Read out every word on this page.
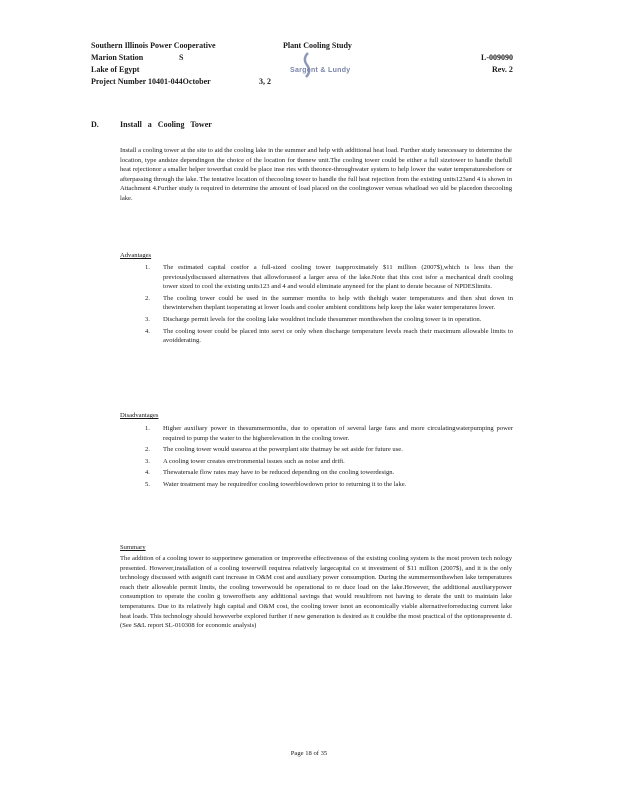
Southern Illinois Power Cooperative	Plant Cooling Study
Marion Station	S	L-009090
Lake of Egypt	Rev. 2
Project Number 10401-044October	3, 2
Sargent & Lundy
D.	Install a Cooling Tower
Install a cooling tower at the site to aid the cooling lake in the summer and help with additional heat load. Further study isnecessary to determine the location, type andsize dependingon the choice of the location for thenew unit.The cooling tower could be either a full sizetower to handle thefull heat rejectionor a smaller helper towerthat could be place inse ries with theonce-throughwater system to help lower the water temperaturesbefore or afterpassing through the lake. The tentative location of thecooling tower to handle the full heat rejection from the existing units123and 4 is shown in Attachment 4.Further study is required to determine the amount of load placed on the coolingtower versus whatload wo uld be placedon thecooling lake.
Advantages
1. The estimated capital costfor a full-sized cooling tower isapproximately $11 million (2007$),which is less than the previouslydiscussed alternatives that allowforuseof a larger area of the lake.Note that this cost isfor a mechanical draft cooling tower sized to cool the existing units123 and 4 and would eliminate anyneed for the plant to derate because of NPDESlimits.
2. The cooling tower could be used in the summer months to help with thehigh water temperatures and then shut down in thewinterwhen theplant isoperating at lower loads and cooler ambient conditions help keep the lake water temperatures lower.
3. Discharge permit levels for the cooling lake wouldnot include thesummer monthswhen the cooling tower is in operation.
4. The cooling tower could be placed into servi ce only when discharge temperature levels reach their maximum allowable limits to avoidderating.
Disadvantages
1. Higher auxiliary power in thesummermonths, due to operation of several large fans and more circulatingwaterpumping power required to pump the water to the higherelevation in the cooling tower.
2. The cooling tower would usearea at the powerplant site thatmay be set aside for future use.
3. A cooling tower creates environmental issues such as noise and drift.
4. Thewatersale flow rates may have to be reduced depending on the cooling towerdesign.
5. Water treatment may be requiredfor cooling towerblowdown prior to returning it to the lake.
Summary
The addition of a cooling tower to supportnew generation or improvethe effectiveness of the existing cooling system is the most proven tech nology presented. However,installation of a cooling towerwill requirea relatively largecapital co st investment of $11 million (2007$), and it is the only technology discussed with asignifi cant increase in O&M cost and auxiliary power consumption. During the summermonthswhen lake temperatures reach their allowable permit limits, the cooling towerwould be operational to re duce load on the lake.However, the additional auxiliarypower consumption to operate the coolin g toweroffsets any additional savings that would resultfrom not having to derate the unit to maintain lake temperatures. Due to its relatively high capital and O&M cost, the cooling tower isnot an economically viable alternativeforreducing current lake heat loads. This technology should howeverbe explored further if new generation is desired as it couldbe the most practical of the optionspresente d. (See S&L report SL-010308 for economic analysis)
Page 18 of 35
